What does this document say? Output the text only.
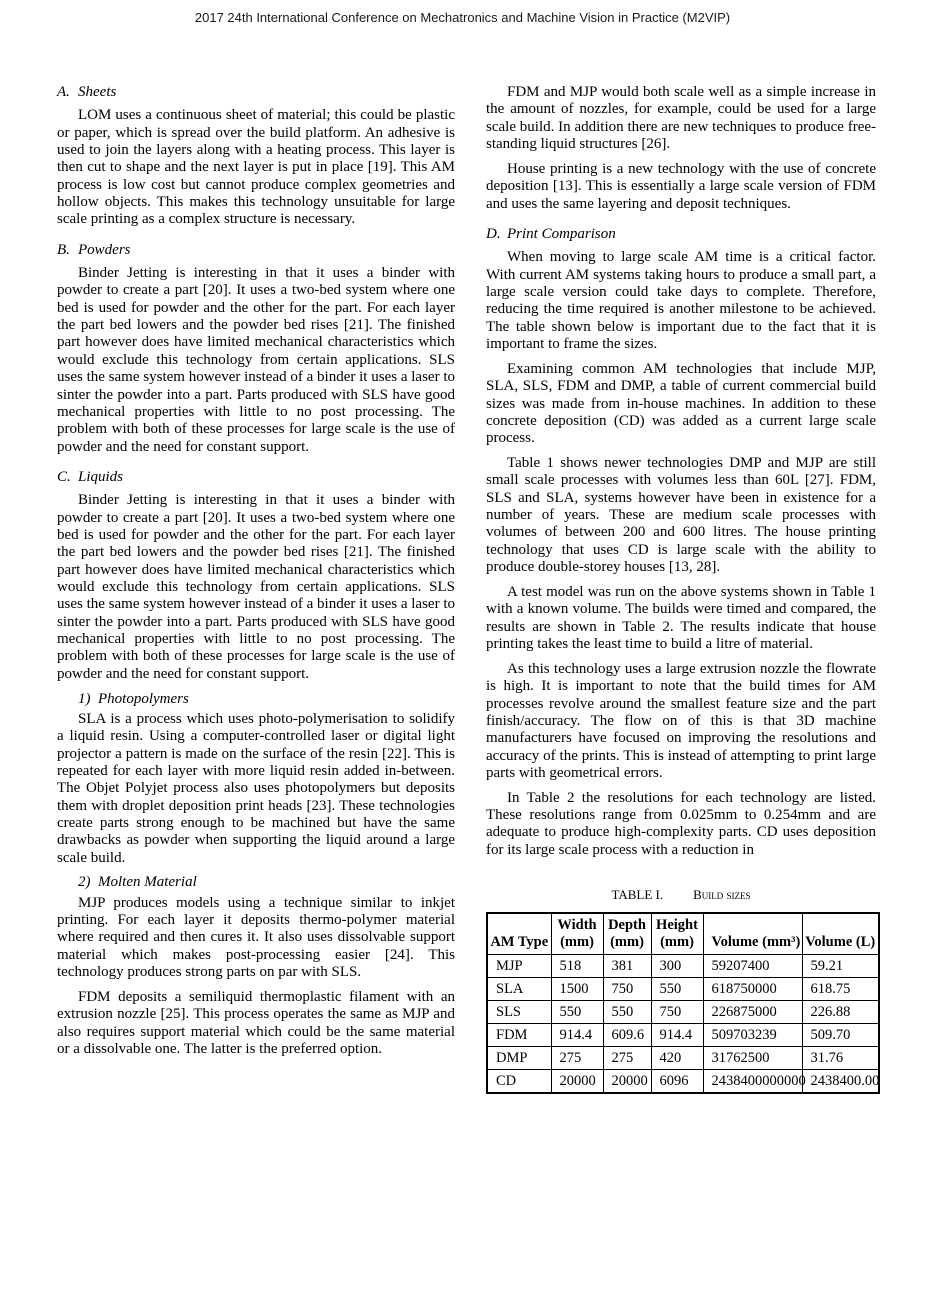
2017 24th International Conference on Mechatronics and Machine Vision in Practice (M2VIP)
A. Sheets

LOM uses a continuous sheet of material; this could be plastic or paper, which is spread over the build platform. An adhesive is used to join the layers along with a heating process. This layer is then cut to shape and the next layer is put in place [19]. This AM process is low cost but cannot produce complex geometries and hollow objects. This makes this technology unsuitable for large scale printing as a complex structure is necessary.

B. Powders

Binder Jetting is interesting in that it uses a binder with powder to create a part [20]. It uses a two-bed system where one bed is used for powder and the other for the part. For each layer the part bed lowers and the powder bed rises [21]. The finished part however does have limited mechanical characteristics which would exclude this technology from certain applications. SLS uses the same system however instead of a binder it uses a laser to sinter the powder into a part. Parts produced with SLS have good mechanical properties with little to no post processing. The problem with both of these processes for large scale is the use of powder and the need for constant support.

C. Liquids

Binder Jetting is interesting in that it uses a binder with powder to create a part [20]. It uses a two-bed system where one bed is used for powder and the other for the part. For each layer the part bed lowers and the powder bed rises [21]. The finished part however does have limited mechanical characteristics which would exclude this technology from certain applications. SLS uses the same system however instead of a binder it uses a laser to sinter the powder into a part. Parts produced with SLS have good mechanical properties with little to no post processing. The problem with both of these processes for large scale is the use of powder and the need for constant support.

1) Photopolymers

SLA is a process which uses photo-polymerisation to solidify a liquid resin. Using a computer-controlled laser or digital light projector a pattern is made on the surface of the resin [22]. This is repeated for each layer with more liquid resin added in-between. The Objet Polyjet process also uses photopolymers but deposits them with droplet deposition print heads [23]. These technologies create parts strong enough to be machined but have the same drawbacks as powder when supporting the liquid around a large scale build.

2) Molten Material

MJP produces models using a technique similar to inkjet printing. For each layer it deposits thermo-polymer material where required and then cures it. It also uses dissolvable support material which makes post-processing easier [24]. This technology produces strong parts on par with SLS.

FDM deposits a semiliquid thermoplastic filament with an extrusion nozzle [25]. This process operates the same as MJP and also requires support material which could be the same material or a dissolvable one. The latter is the preferred option.

FDM and MJP would both scale well as a simple increase in the amount of nozzles, for example, could be used for a large scale build. In addition there are new techniques to produce free-standing liquid structures [26].

House printing is a new technology with the use of concrete deposition [13]. This is essentially a large scale version of FDM and uses the same layering and deposit techniques.

D. Print Comparison

When moving to large scale AM time is a critical factor. With current AM systems taking hours to produce a small part, a large scale version could take days to complete. Therefore, reducing the time required is another milestone to be achieved. The table shown below is important due to the fact that it is important to frame the sizes.

Examining common AM technologies that include MJP, SLA, SLS, FDM and DMP, a table of current commercial build sizes was made from in-house machines. In addition to these concrete deposition (CD) was added as a current large scale process.

Table 1 shows newer technologies DMP and MJP are still small scale processes with volumes less than 60L [27]. FDM, SLS and SLA, systems however have been in existence for a number of years. These are medium scale processes with volumes of between 200 and 600 litres. The house printing technology that uses CD is large scale with the ability to produce double-storey houses [13, 28].

A test model was run on the above systems shown in Table 1 with a known volume. The builds were timed and compared, the results are shown in Table 2. The results indicate that house printing takes the least time to build a litre of material.

As this technology uses a large extrusion nozzle the flowrate is high. It is important to note that the build times for AM processes revolve around the smallest feature size and the part finish/accuracy. The flow on of this is that 3D machine manufacturers have focused on improving the resolutions and accuracy of the prints. This is instead of attempting to print large parts with geometrical errors.

In Table 2 the resolutions for each technology are listed. These resolutions range from 0.025mm to 0.254mm and are adequate to produce high-complexity parts. CD uses deposition for its large scale process with a reduction in

TABLE I. Build sizes
AM Type	Width (mm)	Depth (mm)	Height (mm)	Volume (mm³)	Volume (L)
MJP	518	381	300	59207400	59.21
SLA	1500	750	550	618750000	618.75
SLS	550	550	750	226875000	226.88
FDM	914.4	609.6	914.4	509703239	509.70
DMP	275	275	420	31762500	31.76
CD	20000	20000	6096	2438400000000	2438400.00
